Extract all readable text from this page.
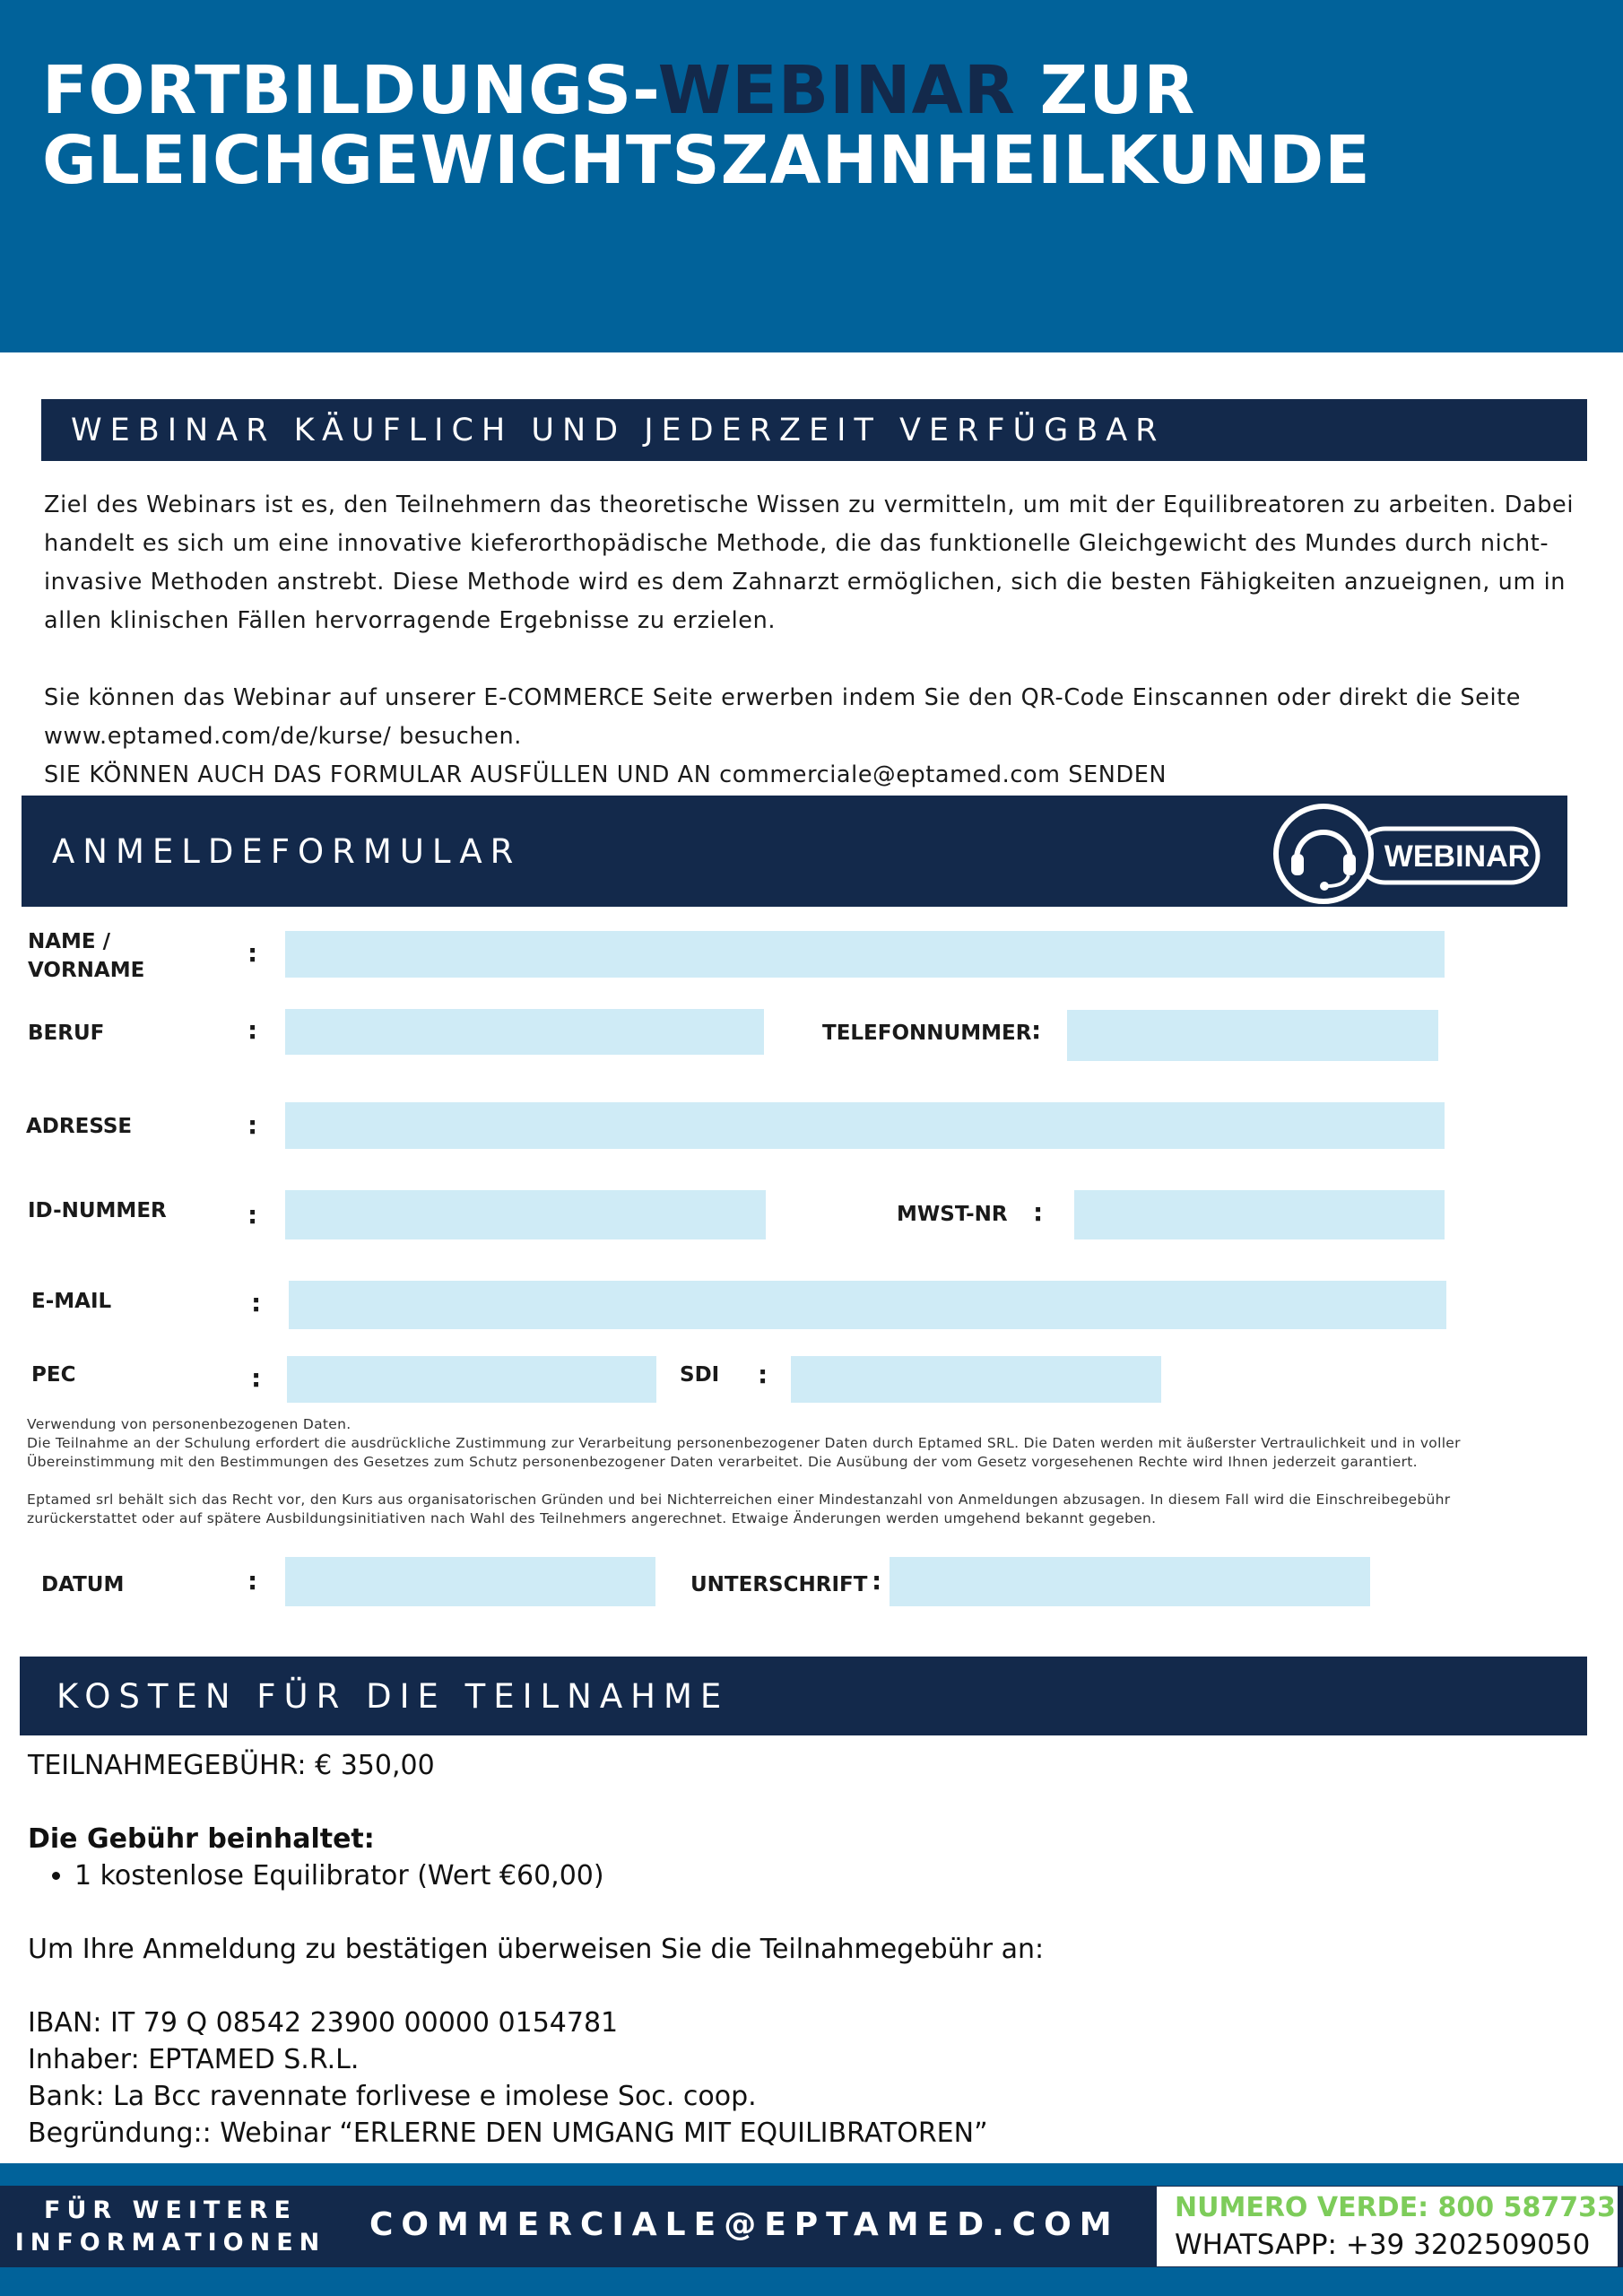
FORTBILDUNGS-WEBINAR ZUR
GLEICHGEWICHTSZAHNHEILKUNDE
WEBINAR KÄUFLICH UND JEDERZEIT VERFÜGBAR

Ziel des Webinars ist es, den Teilnehmern das theoretische Wissen zu vermitteln, um mit der Equilibreatoren zu arbeiten. Dabei handelt es sich um eine innovative kieferorthopädische Methode, die das funktionelle Gleichgewicht des Mundes durch nicht-invasive Methoden anstrebt. Diese Methode wird es dem Zahnarzt ermöglichen, sich die besten Fähigkeiten anzueignen, um in allen klinischen Fällen hervorragende Ergebnisse zu erzielen.

Sie können das Webinar auf unserer E-COMMERCE Seite erwerben indem Sie den QR-Code Einscannen oder direkt die Seite www.eptamed.com/de/kurse/ besuchen.

SIE KÖNNEN AUCH DAS FORMULAR AUSFÜLLEN UND AN commerciale@eptamed.com SENDEN

ANMELDEFORMULAR	WEBINAR
NAME /
VORNAME
:
BERUF	:	TELEFONNUMMER :
ADRESSE	:
ID-NUMMER	:	MWST-NR :
E-MAIL	:
PEC	:	SDI :
Verwendung von personenbezogenen Daten.
Die Teilnahme an der Schulung erfordert die ausdrückliche Zustimmung zur Verarbeitung personenbezogener Daten durch Eptamed SRL. Die Daten werden mit äußerster Vertraulichkeit und in voller Übereinstimmung mit den Bestimmungen des Gesetzes zum Schutz personenbezogener Daten verarbeitet. Die Ausübung der vom Gesetz vorgesehenen Rechte wird Ihnen jederzeit garantiert.
Eptamed srl behält sich das Recht vor, den Kurs aus organisatorischen Gründen und bei Nichterreichen einer Mindestanzahl von Anmeldungen abzusagen. In diesem Fall wird die Einschreibegebühr zurückerstattet oder auf spätere Ausbildungsinitiativen nach Wahl des Teilnehmers angerechnet. Etwaige Änderungen werden umgehend bekannt gegeben.
DATUM	:	UNTERSCHRIFT :
KOSTEN FÜR DIE TEILNAHME
TEILNAHMEGEBÜHR: € 350,00
Die Gebühr beinhaltet:
• 1 kostenlose Equilibrator (Wert €60,00)
Um Ihre Anmeldung zu bestätigen überweisen Sie die Teilnahmegebühr an:
IBAN: IT 79 Q 08542 23900 00000 0154781
Inhaber: EPTAMED S.R.L.
Bank: La Bcc ravennate forlivese e imolese Soc. coop.
Begründung:: Webinar “ERLERNE DEN UMGANG MIT EQUILIBRATOREN”
FÜR WEITERE
INFORMATIONEN	COMMERCIALE@EPTAMED.COM	NUMERO VERDE: 800 587733
WHATSAPP: +39 3202509050
